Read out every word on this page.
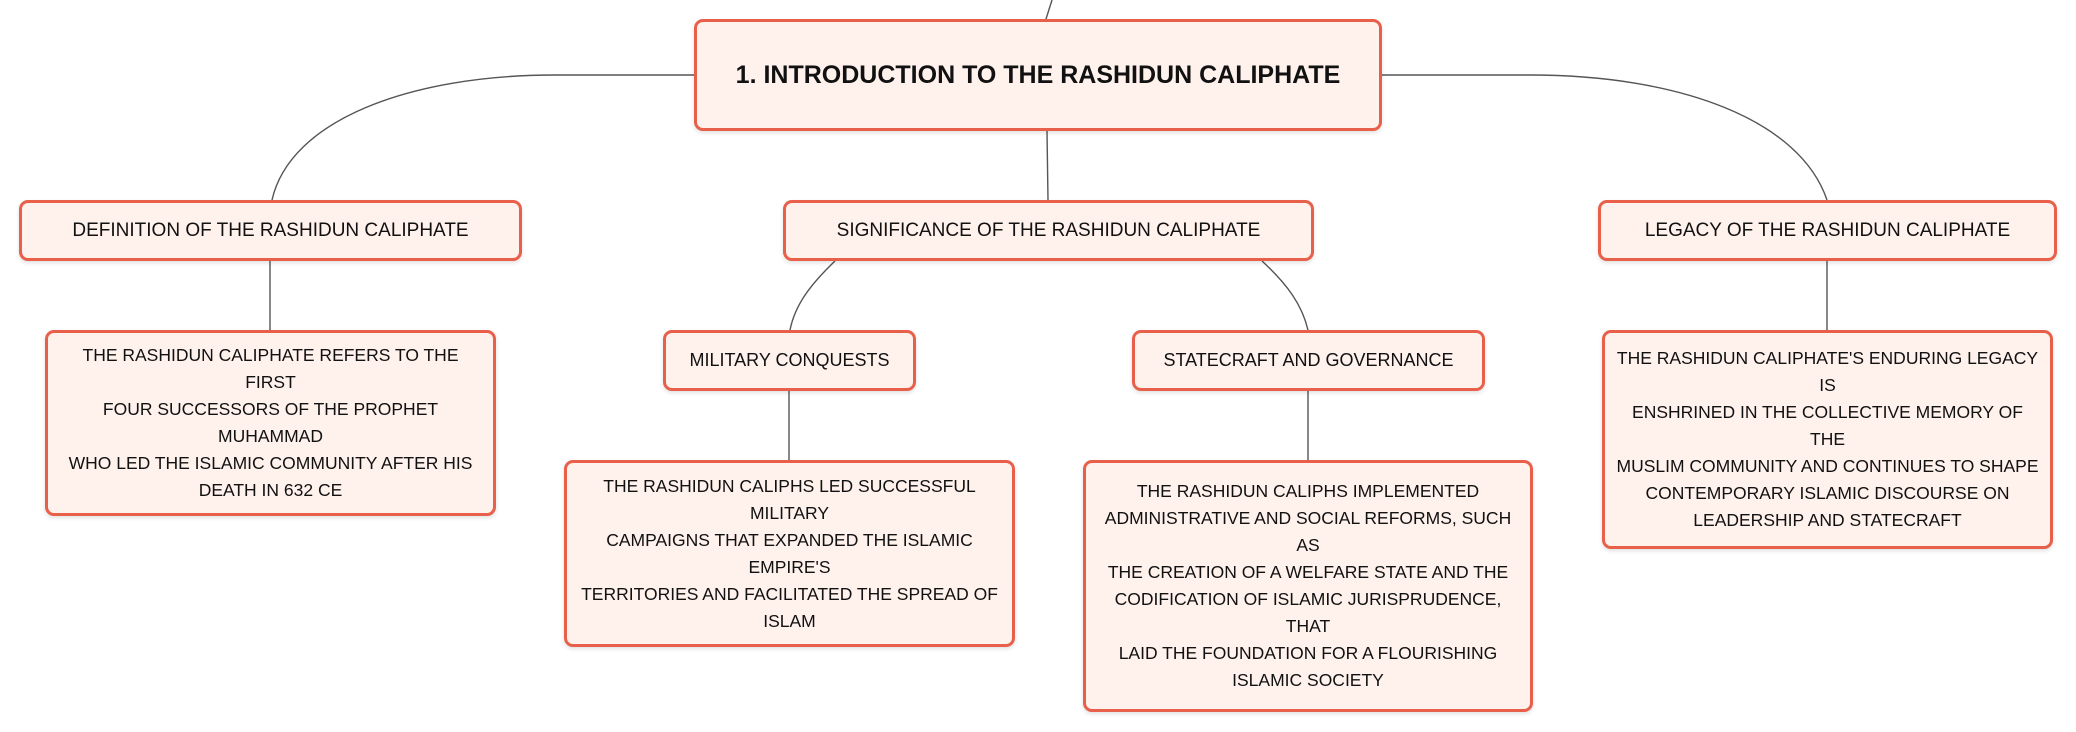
1. INTRODUCTION TO THE RASHIDUN CALIPHATE
DEFINITION OF THE RASHIDUN CALIPHATE	SIGNIFICANCE OF THE RASHIDUN CALIPHATE	LEGACY OF THE RASHIDUN CALIPHATE
MILITARY CONQUESTS	STATECRAFT AND GOVERNANCE
THE RASHIDUN CALIPHATE REFERS TO THE FIRST
FOUR SUCCESSORS OF THE PROPHET MUHAMMAD
WHO LED THE ISLAMIC COMMUNITY AFTER HIS
DEATH IN 632 CE	THE RASHIDUN CALIPHS LED SUCCESSFUL MILITARY
CAMPAIGNS THAT EXPANDED THE ISLAMIC EMPIRE'S
TERRITORIES AND FACILITATED THE SPREAD OF
ISLAM
THE RASHIDUN CALIPHS IMPLEMENTED
ADMINISTRATIVE AND SOCIAL REFORMS, SUCH AS
THE CREATION OF A WELFARE STATE AND THE
CODIFICATION OF ISLAMIC JURISPRUDENCE, THAT
LAID THE FOUNDATION FOR A FLOURISHING
ISLAMIC SOCIETY
THE RASHIDUN CALIPHATE'S ENDURING LEGACY IS
ENSHRINED IN THE COLLECTIVE MEMORY OF THE
MUSLIM COMMUNITY AND CONTINUES TO SHAPE
CONTEMPORARY ISLAMIC DISCOURSE ON
LEADERSHIP AND STATECRAFT
